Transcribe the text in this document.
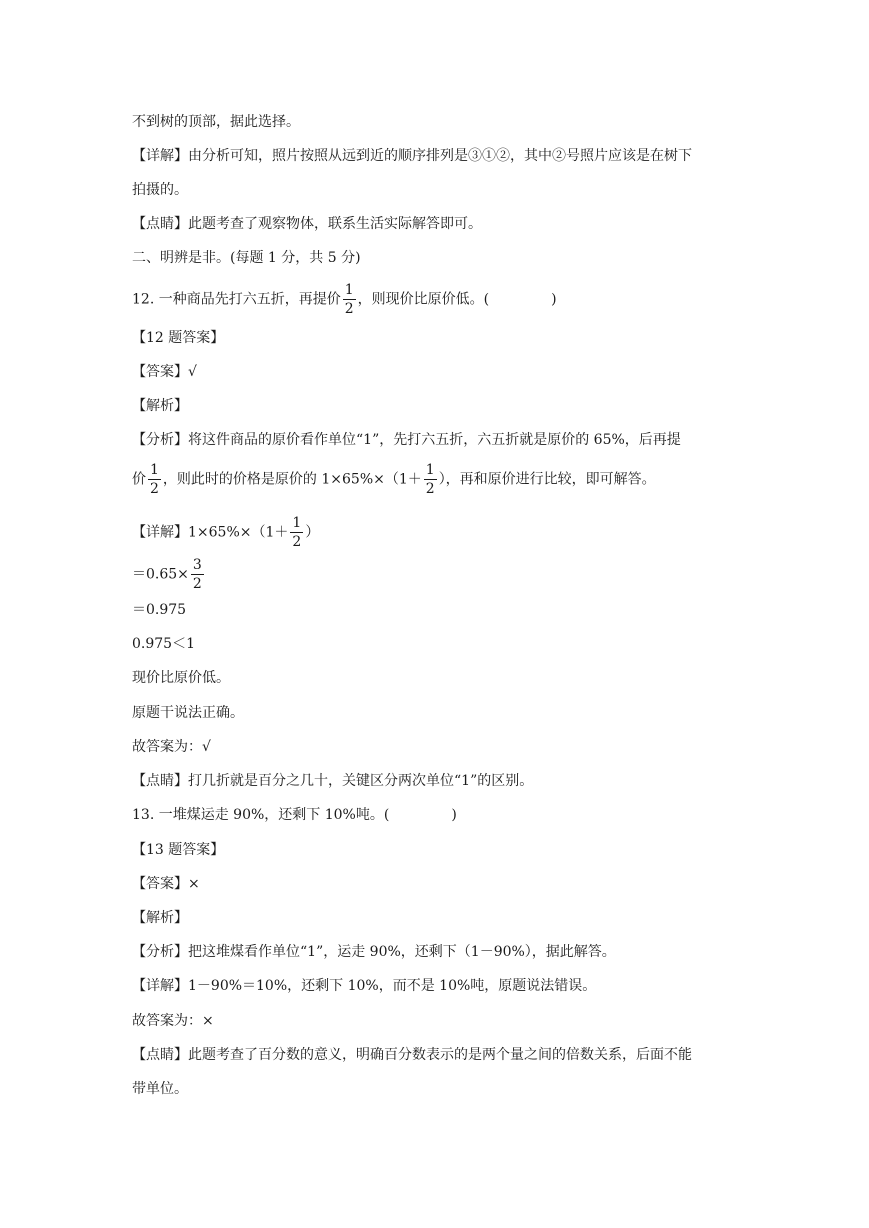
不到树的顶部，据此选择。
【详解】由分析可知，照片按照从远到近的顺序排列是③①②，其中②号照片应该是在树下
拍摄的。
【点睛】此题考查了观察物体，联系生活实际解答即可。
二、明辨是非。(每题 1 分，共 5 分)
12. 一种商品先打六五折，再提价 $\frac{1}{2}$ ，则现价比原价低。(	)
【12 题答案】
【答案】√
【解析】
【分析】将这件商品的原价看作单位“1”，先打六五折，六五折就是原价的 65%，后再提
价 $\frac{1}{2}$ ，则此时的价格是原价的 $1\times 65\%\times(1+ \frac{1}{2}$ ），再和原价进行比较，即可解答。
【详解】$1\times 65\%\times(1+ \frac{1}{2}$ ）
$=0.65\times \frac{3}{2}$
＝0.975
0.975＜1
现价比原价低。
原题干说法正确。
故答案为：√
【点睛】打几折就是百分之几十，关键区分两次单位“1”的区别。
13. 一堆煤运走 90%，还剩下 10%吨。(	)
【13 题答案】
【答案】×
【解析】
【分析】把这堆煤看作单位“1”，运走 90%，还剩下（1－90%），据此解答。
【详解】1－90%＝10%，还剩下 10%，而不是 10%吨，原题说法错误。
故答案为：×
【点睛】此题考查了百分数的意义，明确百分数表示的是两个量之间的倍数关系，后面不能
带单位。
